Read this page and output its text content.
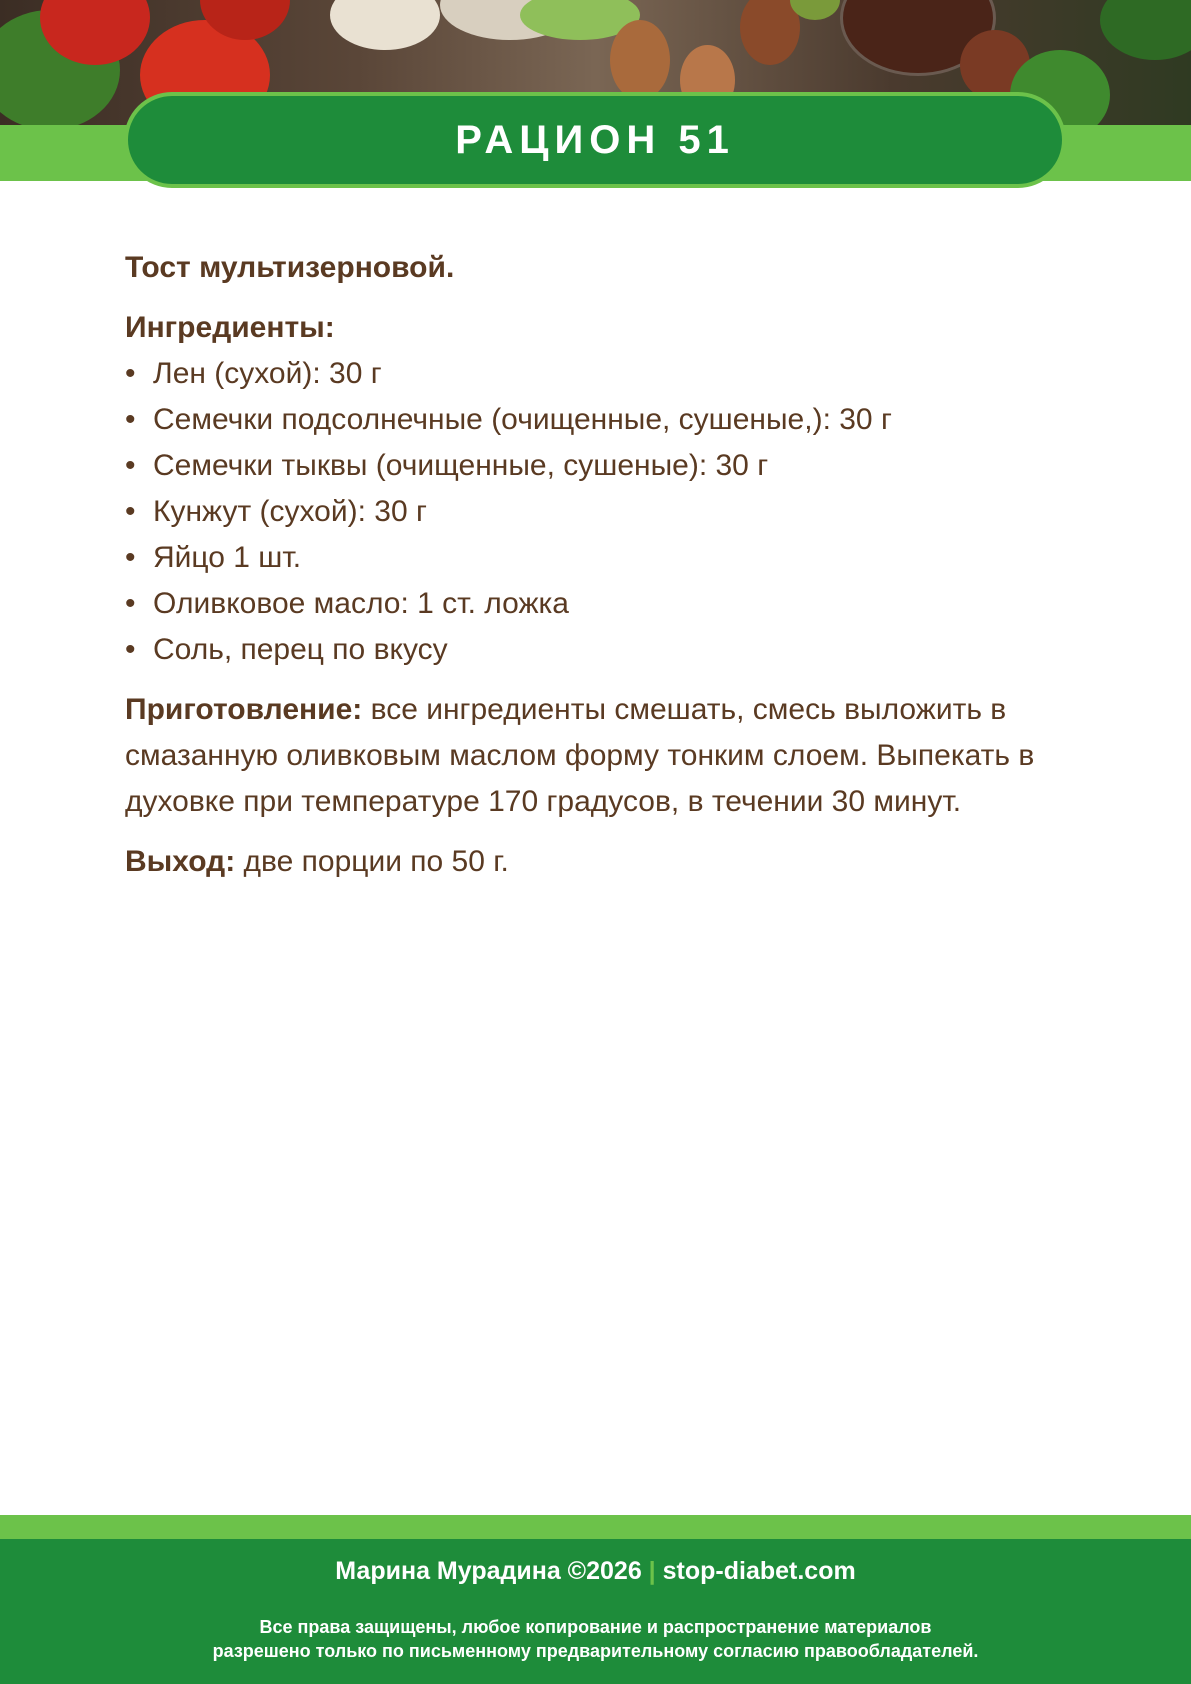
РАЦИОН 51
Тост мультизерновой.
Ингредиенты:
• Лен (сухой): 30 г
• Семечки подсолнечные (очищенные, сушеные,): 30 г
• Семечки тыквы (очищенные, сушеные): 30 г
• Кунжут (сухой): 30 г
• Яйцо 1 шт.
• Оливковое масло: 1 ст. ложка
• Соль, перец по вкусу

Приготовление: все ингредиенты смешать, смесь выложить в смазанную оливковым маслом форму тонким слоем. Выпекать в духовке при температуре 170 градусов, в течении 30 минут.

Выход: две порции по 50 г.

Марина Мурадина ©2026 | stop-diabet.com
Все права защищены, любое копирование и распространение материалов
разрешено только по письменному предварительному согласию правообладателей.
